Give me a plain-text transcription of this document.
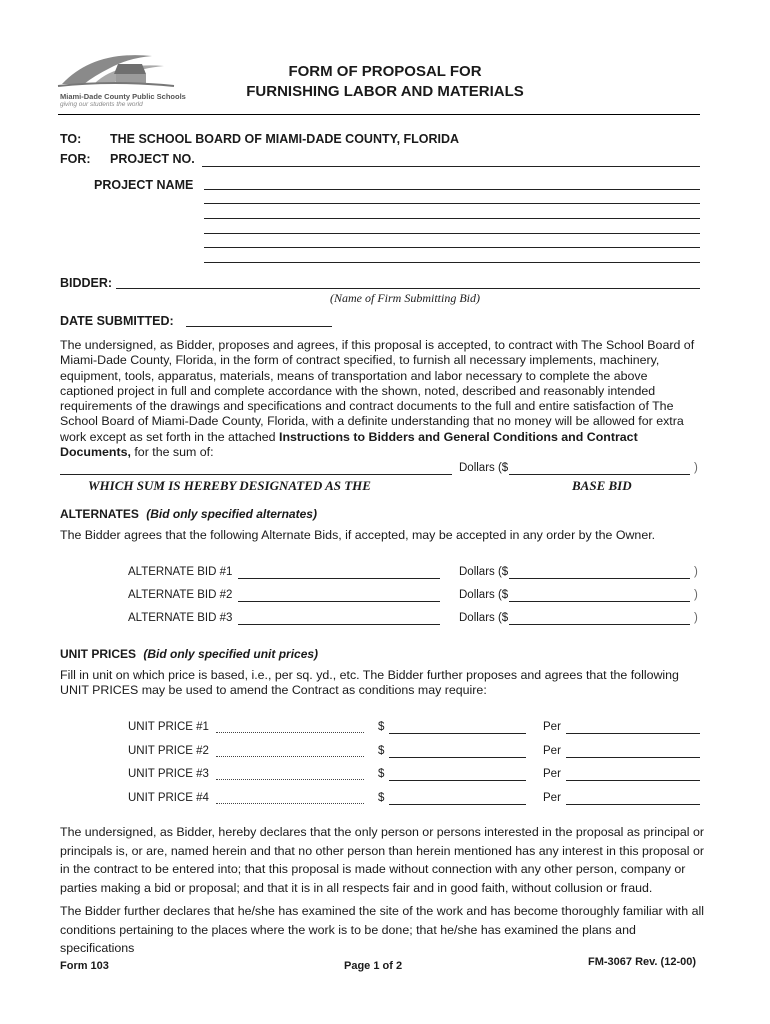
Miami-Dade County Public Schools
giving our students the world
FORM OF PROPOSAL FOR
FURNISHING LABOR AND MATERIALS
TO: THE SCHOOL BOARD OF MIAMI-DADE COUNTY, FLORIDA
FOR: PROJECT NO.
PROJECT NAME
BIDDER:
(Name of Firm Submitting Bid)
DATE SUBMITTED:
The undersigned, as Bidder, proposes and agrees, if this proposal is accepted, to contract with The School Board of Miami-Dade County, Florida, in the form of contract specified, to furnish all necessary implements, machinery, equipment, tools, apparatus, materials, means of transportation and labor necessary to complete the above captioned project in full and complete accordance with the shown, noted, described and reasonably intended requirements of the drawings and specifications and contract documents to the full and entire satisfaction of The School Board of Miami-Dade County, Florida, with a definite understanding that no money will be allowed for extra work except as set forth in the attached Instructions to Bidders and General Conditions and Contract Documents, for the sum of:
Dollars ($	)
WHICH SUM IS HEREBY DESIGNATED AS THE	BASE BID
ALTERNATES (Bid only specified alternates)
The Bidder agrees that the following Alternate Bids, if accepted, may be accepted in any order by the Owner.
ALTERNATE BID #1	Dollars ($	)
ALTERNATE BID #2	Dollars ($	)
ALTERNATE BID #3	Dollars ($	)
UNIT PRICES (Bid only specified unit prices)
Fill in unit on which price is based, i.e., per sq. yd., etc. The Bidder further proposes and agrees that the following UNIT PRICES may be used to amend the Contract as conditions may require:
UNIT PRICE #1	$	Per
UNIT PRICE #2	$	Per
UNIT PRICE #3	$	Per
UNIT PRICE #4	$	Per
The undersigned, as Bidder, hereby declares that the only person or persons interested in the proposal as principal or principals is, or are, named herein and that no other person than herein mentioned has any interest in this proposal or in the contract to be entered into; that this proposal is made without connection with any other person, company or parties making a bid or proposal; and that it is in all respects fair and in good faith, without collusion or fraud.
The Bidder further declares that he/she has examined the site of the work and has become thoroughly familiar with all conditions pertaining to the places where the work is to be done; that he/she has examined the plans and specifications
Form 103	Page 1 of 2	FM-3067 Rev. (12-00)
